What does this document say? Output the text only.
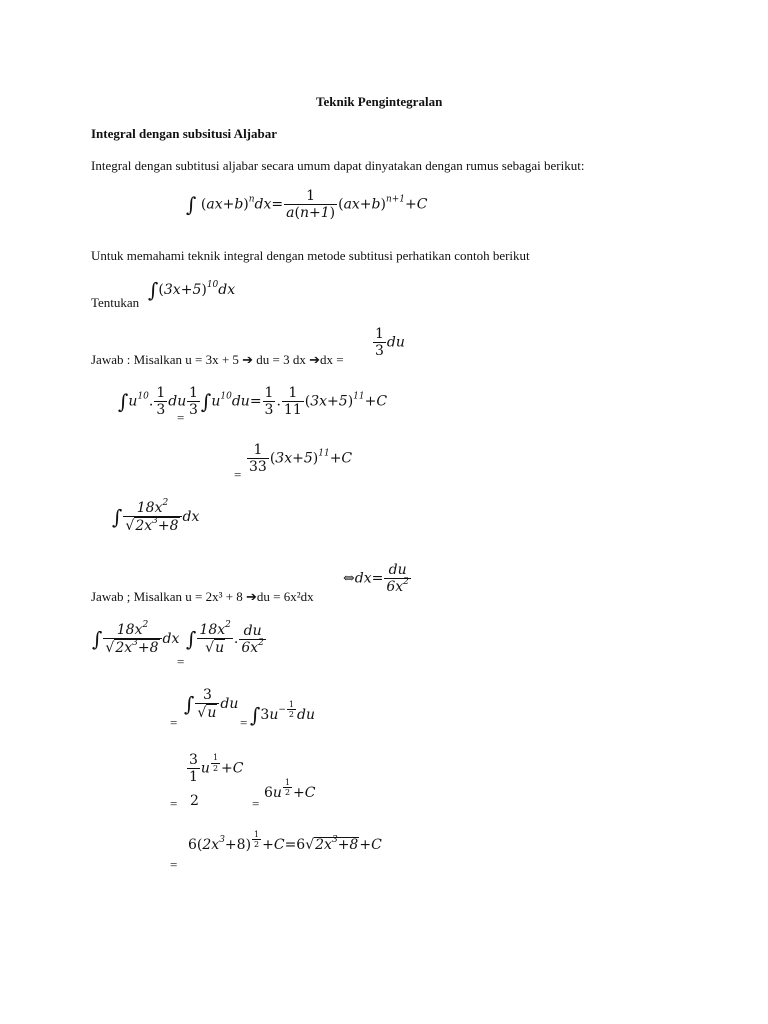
Teknik Pengintegralan
Integral dengan subsitusi Aljabar
Integral dengan subtitusi aljabar secara umum dapat dinyatakan dengan rumus sebagai berikut:
∫ $(ax+b)^ndx= \frac{1}{a(n+1)} (ax+b)^{n+1}+C$
Untuk memahami teknik integral dengan metode subtitusi perhatikan contoh berikut
Tentukan
$\int(3x+5)^{10}dx$
Jawab : Misalkan u = 3x + 5 ➔ du = 3 dx ➔dx =
$\frac{1}{3}$ du
$\int u^{10}$. $\frac{1}{3}$ du
= $\frac{1}{3} \int u^{10}du= \frac{1}{3}$ . $\frac{1}{11} (3x+5)^{11}+C$
= $\frac{1}{33} (3x+5)^{11}+C$
∫ $\frac{18x^2}{√2x^3+8}$ dx
⇔dx= $\frac{du}{6x^2}$
Jawab ; Misalkan u = 2x³ + 8 ➔du = 6x²dx
∫ $\frac{18x^2}{√2x^3+8}$ dx
=
∫ $\frac{18x^2}{√u}$ . $\frac{du}{6x^2}$
=
∫ $\frac{3}{√u}$ du
= $\int 3u^{- \frac{1}{2}}$ du
$\frac{3}{1}$ u $^{\frac{1}{2}}$ +C
2
=	=
6u $^{\frac{1}{2}}$ +C
=
$6(2x^3+8)$ $^{\frac{1}{2}} +C=6√2x^3+8+C$
